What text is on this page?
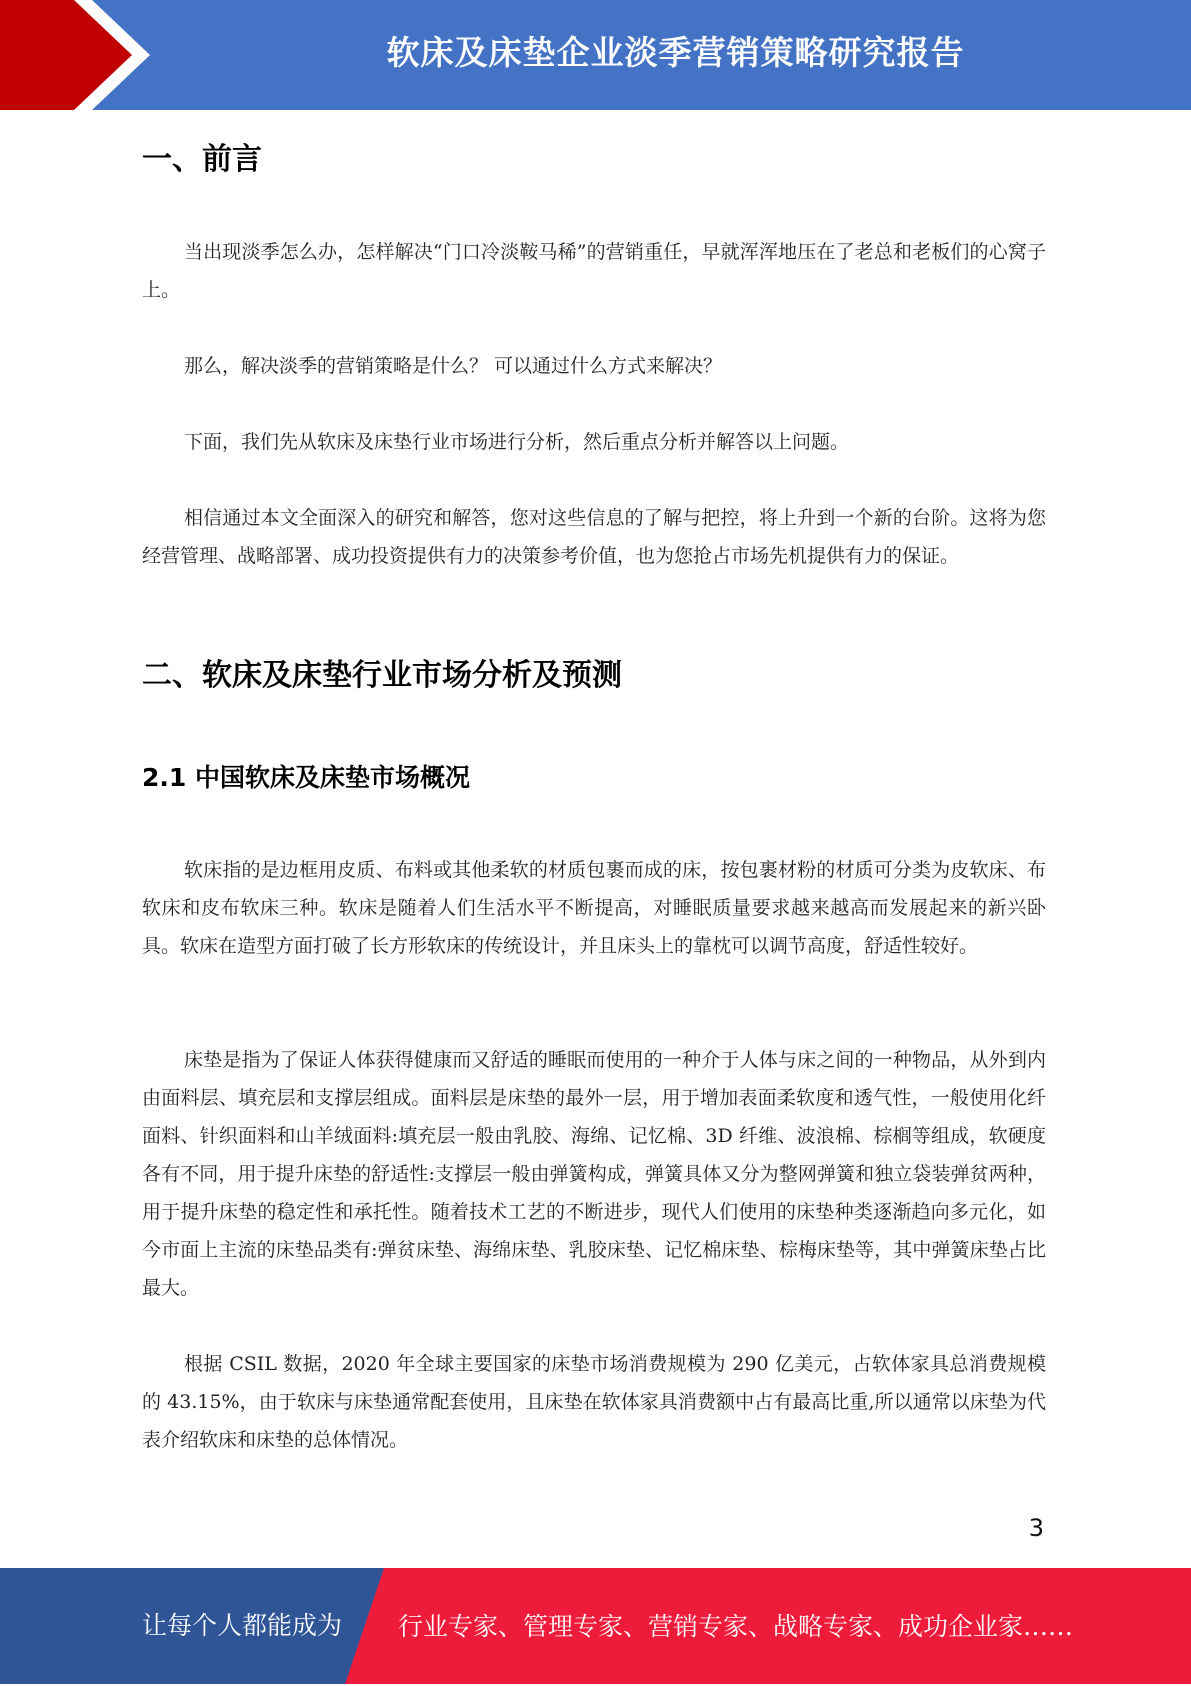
软床及床垫企业淡季营销策略研究报告
一、前言

当出现淡季怎么办，怎样解决“门口冷淡鞍马稀”的营销重任，早就浑浑地压在了老总和老板们的心窝子上。

那么，解决淡季的营销策略是什么？ 可以通过什么方式来解决？

下面，我们先从软床及床垫行业市场进行分析，然后重点分析并解答以上问题。

相信通过本文全面深入的研究和解答，您对这些信息的了解与把控，将上升到一个新的台阶。这将为您经营管理、战略部署、成功投资提供有力的决策参考价值，也为您抢占市场先机提供有力的保证。

二、软床及床垫行业市场分析及预测
2.1 中国软床及床垫市场概况

软床指的是边框用皮质、布料或其他柔软的材质包裹而成的床，按包裹材粉的材质可分类为皮软床、布软床和皮布软床三种。软床是随着人们生活水平不断提高，对睡眠质量要求越来越高而发展起来的新兴卧具。软床在造型方面打破了长方形软床的传统设计，并且床头上的靠枕可以调节高度，舒适性较好。

床垫是指为了保证人体获得健康而又舒适的睡眠而使用的一种介于人体与床之间的一种物品，从外到内由面料层、填充层和支撑层组成。面料层是床垫的最外一层，用于增加表面柔软度和透气性，一般使用化纤面料、针织面料和山羊绒面料:填充层一般由乳胶、海绵、记忆棉、3D 纤维、波浪棉、棕榈等组成，软硬度各有不同，用于提升床垫的舒适性:支撑层一般由弹簧构成，弹簧具体又分为整网弹簧和独立袋装弹贫两种，用于提升床垫的稳定性和承托性。随着技术工艺的不断进步，现代人们使用的床垫种类逐渐趋向多元化，如今市面上主流的床垫品类有:弹贫床垫、海绵床垫、乳胶床垫、记忆棉床垫、棕梅床垫等，其中弹簧床垫占比最大。

根据 CSIL 数据，2020 年全球主要国家的床垫市场消费规模为 290 亿美元，占软体家具总消费规模的 43.15%，由于软床与床垫通常配套使用，且床垫在软体家具消费额中占有最高比重,所以通常以床垫为代表介绍软床和床垫的总体情况。

3
让每个人都能成为 行业专家、管理专家、营销专家、战略专家、成功企业家……
